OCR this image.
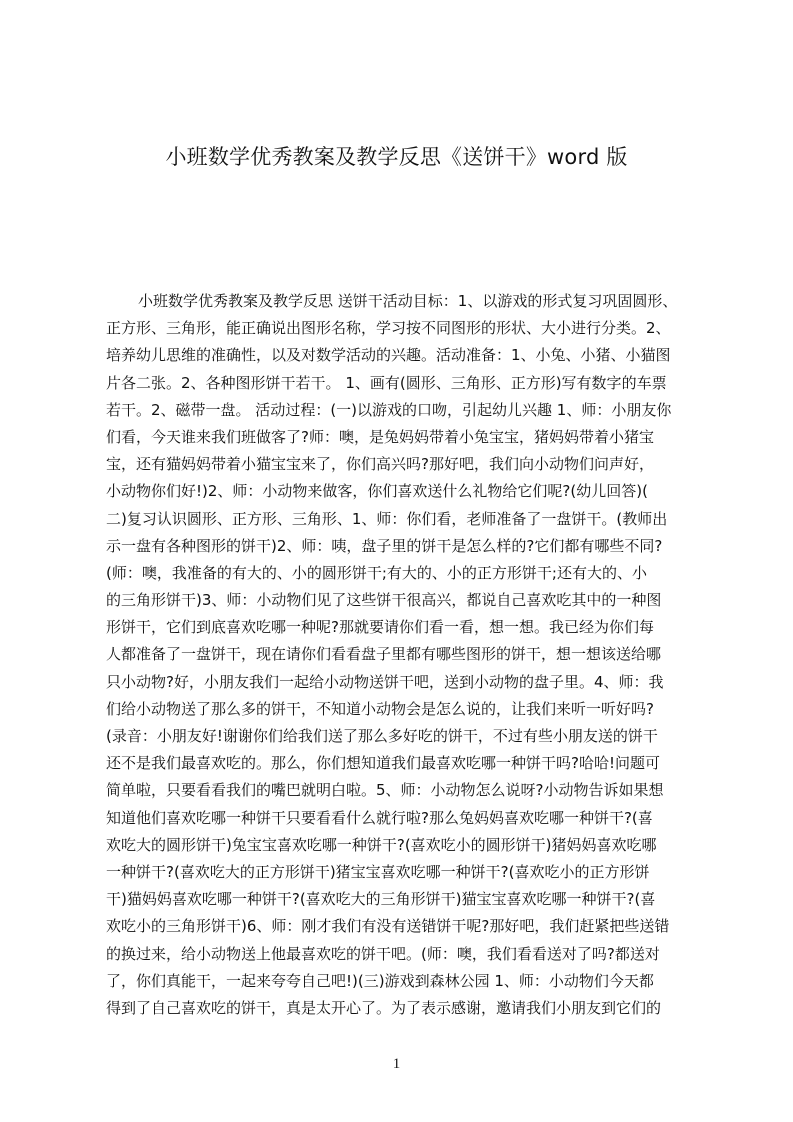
小班数学优秀教案及教学反思《送饼干》word 版
小班数学优秀教案及教学反思 送饼干活动目标：1、以游戏的形式复习巩固圆形、
正方形、三角形，能正确说出图形名称，学习按不同图形的形状、大小进行分类。2、
培养幼儿思维的准确性，以及对数学活动的兴趣。活动准备：1、小兔、小猪、小猫图
片各二张。2、各种图形饼干若干。 1、画有(圆形、三角形、正方形)写有数字的车票
若干。2、磁带一盘。 活动过程：(一)以游戏的口吻，引起幼儿兴趣 1、师：小朋友你
们看，今天谁来我们班做客了?师：噢，是兔妈妈带着小兔宝宝，猪妈妈带着小猪宝
宝，还有猫妈妈带着小猫宝宝来了，你们高兴吗?那好吧，我们向小动物们问声好，
小动物你们好!)2、师：小动物来做客，你们喜欢送什么礼物给它们呢?(幼儿回答)(
二)复习认识圆形、正方形、三角形、1、师：你们看，老师准备了一盘饼干。(教师出
示一盘有各种图形的饼干)2、师：咦，盘子里的饼干是怎么样的?它们都有哪些不同?
(师：噢，我准备的有大的、小的圆形饼干;有大的、小的正方形饼干;还有大的、小
的三角形饼干)3、师：小动物们见了这些饼干很高兴，都说自己喜欢吃其中的一种图
形饼干，它们到底喜欢吃哪一种呢?那就要请你们看一看，想一想。我已经为你们每
人都准备了一盘饼干，现在请你们看看盘子里都有哪些图形的饼干，想一想该送给哪
只小动物?好，小朋友我们一起给小动物送饼干吧，送到小动物的盘子里。4、师：我
们给小动物送了那么多的饼干，不知道小动物会是怎么说的，让我们来听一听好吗?
(录音：小朋友好!谢谢你们给我们送了那么多好吃的饼干，不过有些小朋友送的饼干
还不是我们最喜欢吃的。那么，你们想知道我们最喜欢吃哪一种饼干吗?哈哈!问题可
简单啦，只要看看我们的嘴巴就明白啦。5、师：小动物怎么说呀?小动物告诉如果想
知道他们喜欢吃哪一种饼干只要看看什么就行啦?那么兔妈妈喜欢吃哪一种饼干?(喜
欢吃大的圆形饼干)兔宝宝喜欢吃哪一种饼干?(喜欢吃小的圆形饼干)猪妈妈喜欢吃哪
一种饼干?(喜欢吃大的正方形饼干)猪宝宝喜欢吃哪一种饼干?(喜欢吃小的正方形饼
干)猫妈妈喜欢吃哪一种饼干?(喜欢吃大的三角形饼干)猫宝宝喜欢吃哪一种饼干?(喜
欢吃小的三角形饼干)6、师：刚才我们有没有送错饼干呢?那好吧，我们赶紧把些送错
的换过来，给小动物送上他最喜欢吃的饼干吧。(师：噢，我们看看送对了吗?都送对
了，你们真能干，一起来夸夸自己吧!)(三)游戏到森林公园 1、师：小动物们今天都
得到了自己喜欢吃的饼干，真是太开心了。为了表示感谢，邀请我们小朋友到它们的
1
